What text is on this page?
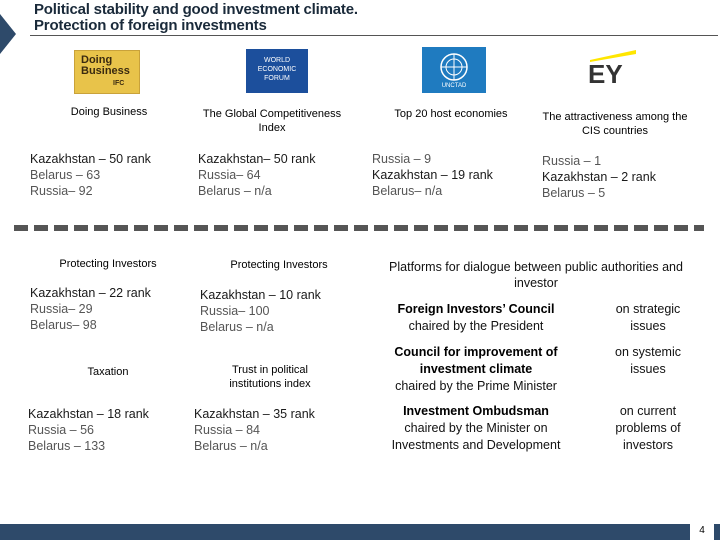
Political stability and good investment climate.
Protection of foreign investments
Doing
Business
IFC
WORLD
ECONOMIC
FORUM
UNCTAD	EY
Doing Business
Kazakhstan – 50 rank
Belarus – 63
Russia– 92
The Global Competitiveness Index
Kazakhstan– 50 rank
Russia– 64
Belarus – n/a
Top 20 host economies
Russia – 9
Kazakhstan – 19 rank
Belarus– n/a
The attractiveness among the CIS countries
Russia – 1
Kazakhstan – 2 rank
Belarus – 5
Protecting Investors
Kazakhstan – 22 rank
Russia– 29
Belarus– 98
Protecting Investors
Kazakhstan – 10 rank
Russia– 100
Belarus – n/a
Taxation
Kazakhstan – 18 rank
Russia – 56
Belarus – 133
Trust in political institutions index
Kazakhstan – 35 rank
Russia – 84
Belarus – n/a
Platforms for dialogue between public authorities and investor
Foreign Investors’ Council
chaired by the President
on strategic issues
Council for improvement of investment climate
chaired by the Prime Minister
on systemic issues
Investment Ombudsman
chaired by the Minister on Investments and Development
on current problems of investors
4
